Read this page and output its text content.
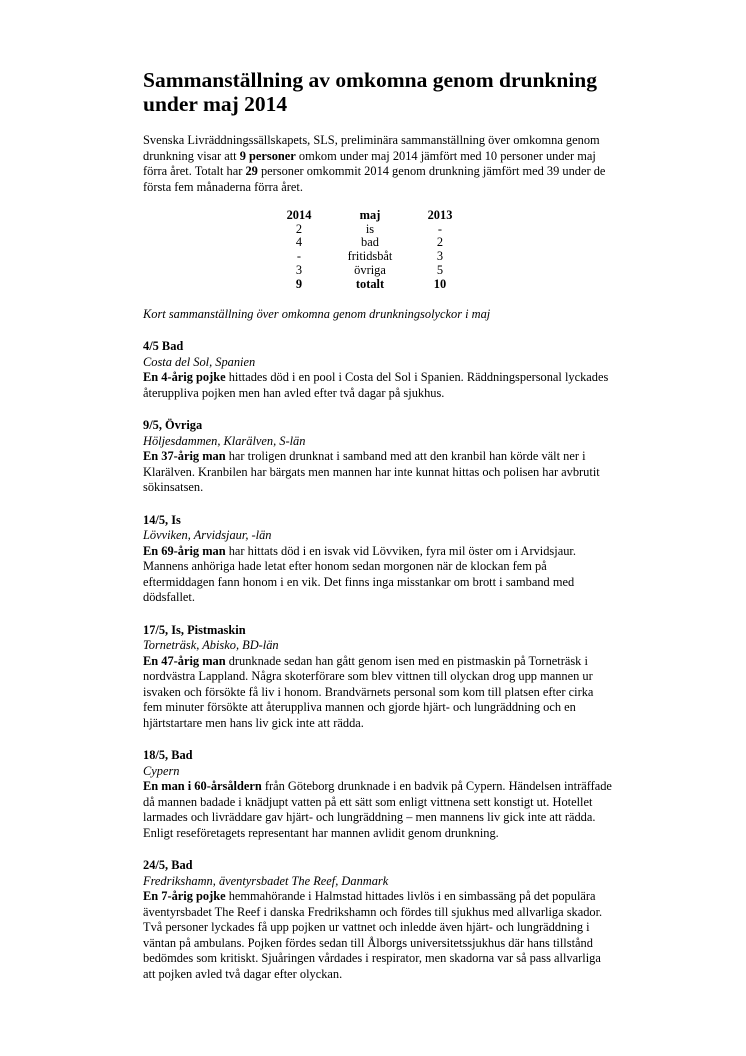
Sammanställning av omkomna genom drunkning
under maj 2014

Svenska Livräddningssällskapets, SLS, preliminära sammanställning över omkomna genom drunkning visar att 9 personer omkom under maj 2014 jämfört med 10 personer under maj förra året. Totalt har 29 personer omkommit 2014 genom drunkning jämfört med 39 under de första fem månaderna förra året.

2014	maj	2013
2	is	-
4	bad	2
-	fritidsbåt	3
3	övriga	5
9	totalt	10

Kort sammanställning över omkomna genom drunkningsolyckor i maj

4/5 Bad
Costa del Sol, Spanien

En 4-årig pojke hittades död i en pool i Costa del Sol i Spanien. Räddningspersonal lyckades återuppliva pojken men han avled efter två dagar på sjukhus.

9/5, Övriga
Höljesdammen, Klarälven, S-län

En 37-årig man har troligen drunknat i samband med att den kranbil han körde vält ner i Klarälven. Kranbilen har bärgats men mannen har inte kunnat hittas och polisen har avbrutit sökinsatsen.

14/5, Is
Lövviken, Arvidsjaur, -län

En 69-årig man har hittats död i en isvak vid Lövviken, fyra mil öster om i Arvidsjaur. Mannens anhöriga hade letat efter honom sedan morgonen när de klockan fem på eftermiddagen fann honom i en vik. Det finns inga misstankar om brott i samband med dödsfallet.

17/5, Is, Pistmaskin
Torneträsk, Abisko, BD-län

En 47-årig man drunknade sedan han gått genom isen med en pistmaskin på Torneträsk i nordvästra Lappland. Några skoterförare som blev vittnen till olyckan drog upp mannen ur isvaken och försökte få liv i honom. Brandvärnets personal som kom till platsen efter cirka fem minuter försökte att återuppliva mannen och gjorde hjärt- och lungräddning och en hjärtstartare men hans liv gick inte att rädda.

18/5, Bad
Cypern

En man i 60-årsåldern från Göteborg drunknade i en badvik på Cypern. Händelsen inträffade då mannen badade i knädjupt vatten på ett sätt som enligt vittnena sett konstigt ut. Hotellet larmades och livräddare gav hjärt- och lungräddning – men mannens liv gick inte att rädda. Enligt reseföretagets representant har mannen avlidit genom drunkning.

24/5, Bad
Fredrikshamn, äventyrsbadet The Reef, Danmark

En 7-årig pojke hemmahörande i Halmstad hittades livlös i en simbassäng på det populära äventyrsbadet The Reef i danska Fredrikshamn och fördes till sjukhus med allvarliga skador.

Två personer lyckades få upp pojken ur vattnet och inledde även hjärt- och lungräddning i väntan på ambulans. Pojken fördes sedan till Ålborgs universitetssjukhus där hans tillstånd bedömdes som kritiskt. Sjuåringen vårdades i respirator, men skadorna var så pass allvarliga att pojken avled två dagar efter olyckan.
